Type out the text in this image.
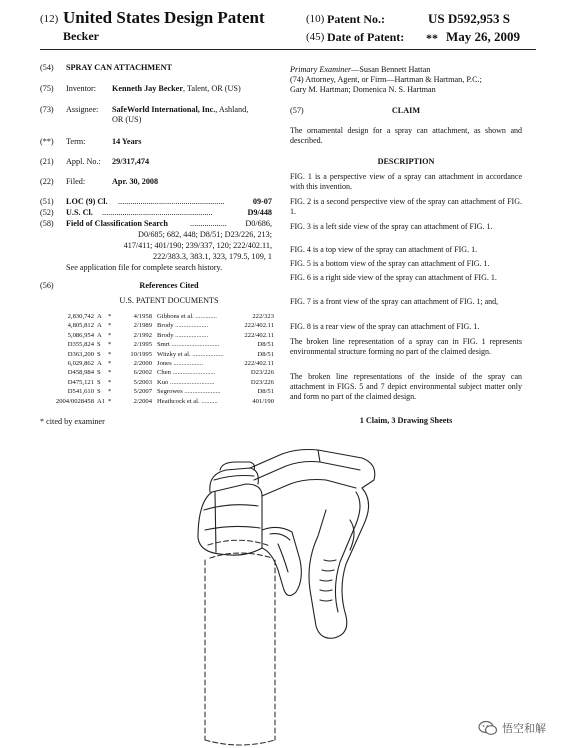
(12) United States Design Patent
Becker
(10) Patent No.:	US D592,953 S
(45) Date of Patent: ** May 26, 2009
(54)	SPRAY CAN ATTACHMENT
(75)	Inventor: Kenneth Jay Becker, Talent, OR (US)
(73)	Assignee: SafeWorld International, Inc., Ashland,
OR (US)
(**)	Term:	14 Years
(21)	Appl. No.: 29/317,474
(22)	Filed:	Apr. 30, 2008
(51)	LOC (9) Cl. ....................................................	09-07
(52)	U.S. Cl. ......................................................	D9/448
(58)	Field of Classification Search	..................	D0/686,
D0/685; 682, 448; D8/51; D23/226, 213;
417/411; 401/190; 239/337, 120; 222/402.11,
222/383.3, 383.1, 323, 179.5, 109, 1
See application file for complete search history.
(56)	References Cited
U.S. PATENT DOCUMENTS
2,830,742 A *	4/1958 Gibbons et al. .............	222/323
4,805,812 A *	2/1989 Brody ....................	222/402.11
5,086,954 A *	2/1992 Brody ....................	222/402.11
D355,824 S	*	2/1995 Smrt .............................	D8/51
D363,200 S	*	10/1995 Witzky et al. ...................	D8/51
6,029,862 A *	2/2000 Jones ..................	222/402.11
D458,984 S	*	6/2002 Chen ..........................	D23/226
D475,121 S	*	5/2003 Kuo ...........................	D23/226
D541,610 S	*	5/2007 Segrowes ......................	D8/51
2004/0028458 A1 *	2/2004 Heathcock et al. ..........	401/190
* cited by examiner
Primary Examiner—Susan Bennett Hattan
(74) Attorney, Agent, or Firm—Hartman & Hartman, P.C.;
Gary M. Hartman; Domenica N. S. Hartman
(57)	CLAIM
The ornamental design for a spray can attachment, as shown and described.
DESCRIPTION
FIG. 1 is a perspective view of a spray can attachment in accordance with this invention.
FIG. 2 is a second perspective view of the spray can attachment of FIG. 1.
FIG. 3 is a left side view of the spray can attachment of FIG. 1.
FIG. 4 is a top view of the spray can attachment of FIG. 1.
FIG. 5 is a bottom view of the spray can attachment of FIG. 1.
FIG. 6 is a right side view of the spray can attachment of FIG. 1.
FIG. 7 is a front view of the spray can attachment of FIG. 1; and,
FIG. 8 is a rear view of the spray can attachment of FIG. 1.
The broken line representation of a spray can in FIG. 1 represents environmental structure forming no part of the claimed design.
The broken line representations of the inside of the spray can attachment in FIGS. 5 and 7 depict environmental subject matter only and form no part of the claimed design.
1 Claim, 3 Drawing Sheets
悟空和解
